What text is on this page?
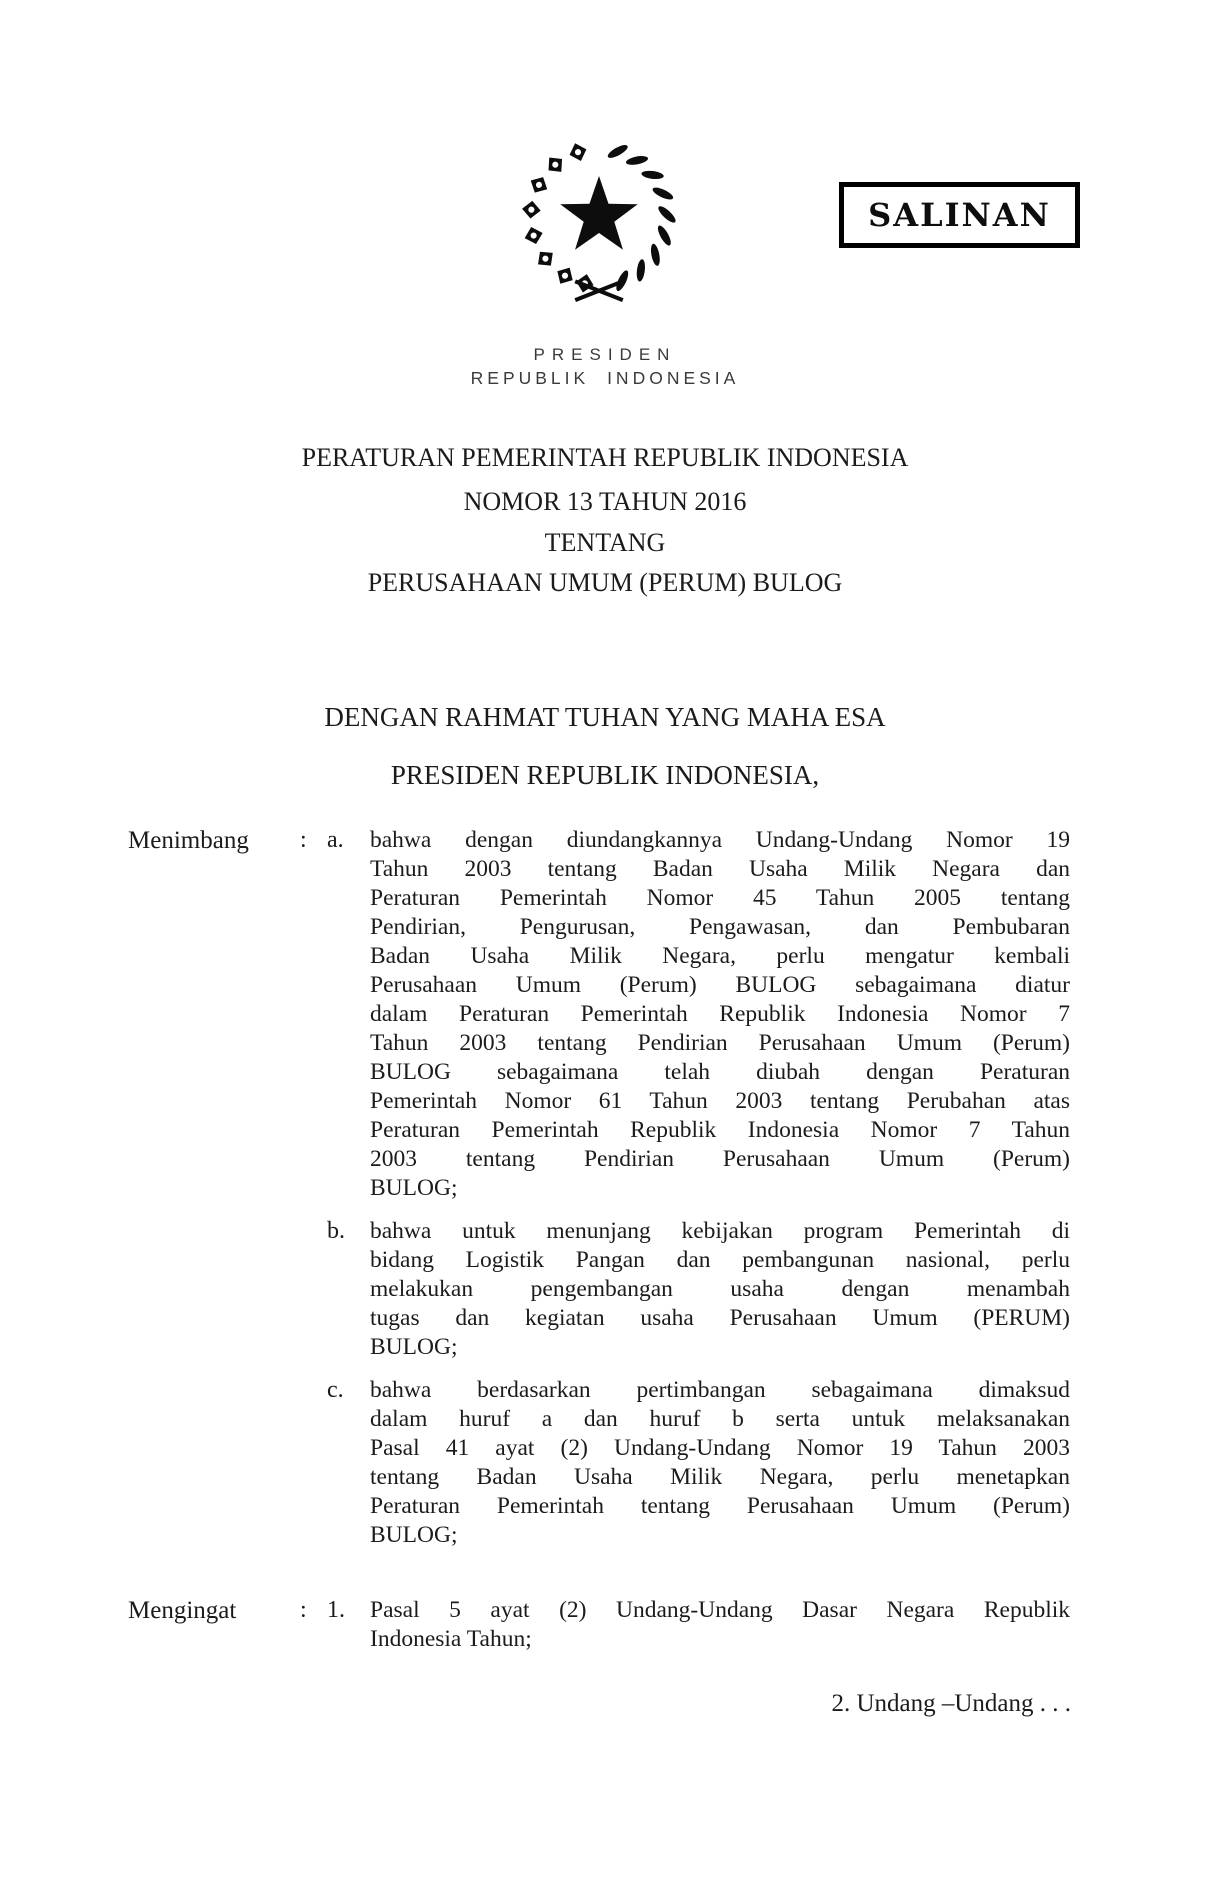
SALINAN
PRESIDEN
REPUBLIK INDONESIA
PERATURAN PEMERINTAH REPUBLIK INDONESIA
NOMOR 13 TAHUN 2016
TENTANG
PERUSAHAAN UMUM (PERUM) BULOG
DENGAN RAHMAT TUHAN YANG MAHA ESA
PRESIDEN REPUBLIK INDONESIA,
Menimbang	: a.	bahwa dengan diundangkannya Undang-Undang Nomor 19
Tahun 2003 tentang Badan Usaha Milik Negara dan
Peraturan Pemerintah Nomor 45 Tahun 2005 tentang
Pendirian, Pengurusan, Pengawasan, dan Pembubaran
Badan Usaha Milik Negara, perlu mengatur kembali
Perusahaan Umum (Perum) BULOG sebagaimana diatur
dalam Peraturan Pemerintah Republik Indonesia Nomor 7
Tahun 2003 tentang Pendirian Perusahaan Umum (Perum)
BULOG sebagaimana telah diubah dengan Peraturan
Pemerintah Nomor 61 Tahun 2003 tentang Perubahan atas
Peraturan Pemerintah Republik Indonesia Nomor 7 Tahun
2003 tentang Pendirian Perusahaan Umum (Perum)
BULOG;
b.	bahwa untuk menunjang kebijakan program Pemerintah di
bidang Logistik Pangan dan pembangunan nasional, perlu
melakukan pengembangan usaha dengan menambah
tugas dan kegiatan usaha Perusahaan Umum (PERUM)
BULOG;
c.	bahwa berdasarkan pertimbangan sebagaimana dimaksud
dalam huruf a dan huruf b serta untuk melaksanakan
Pasal 41 ayat (2) Undang-Undang Nomor 19 Tahun 2003
tentang Badan Usaha Milik Negara, perlu menetapkan
Peraturan Pemerintah tentang Perusahaan Umum (Perum)
BULOG;
Mengingat	: 1.	Pasal 5 ayat (2) Undang-Undang Dasar Negara Republik
Indonesia Tahun;
2. Undang –Undang . . .
